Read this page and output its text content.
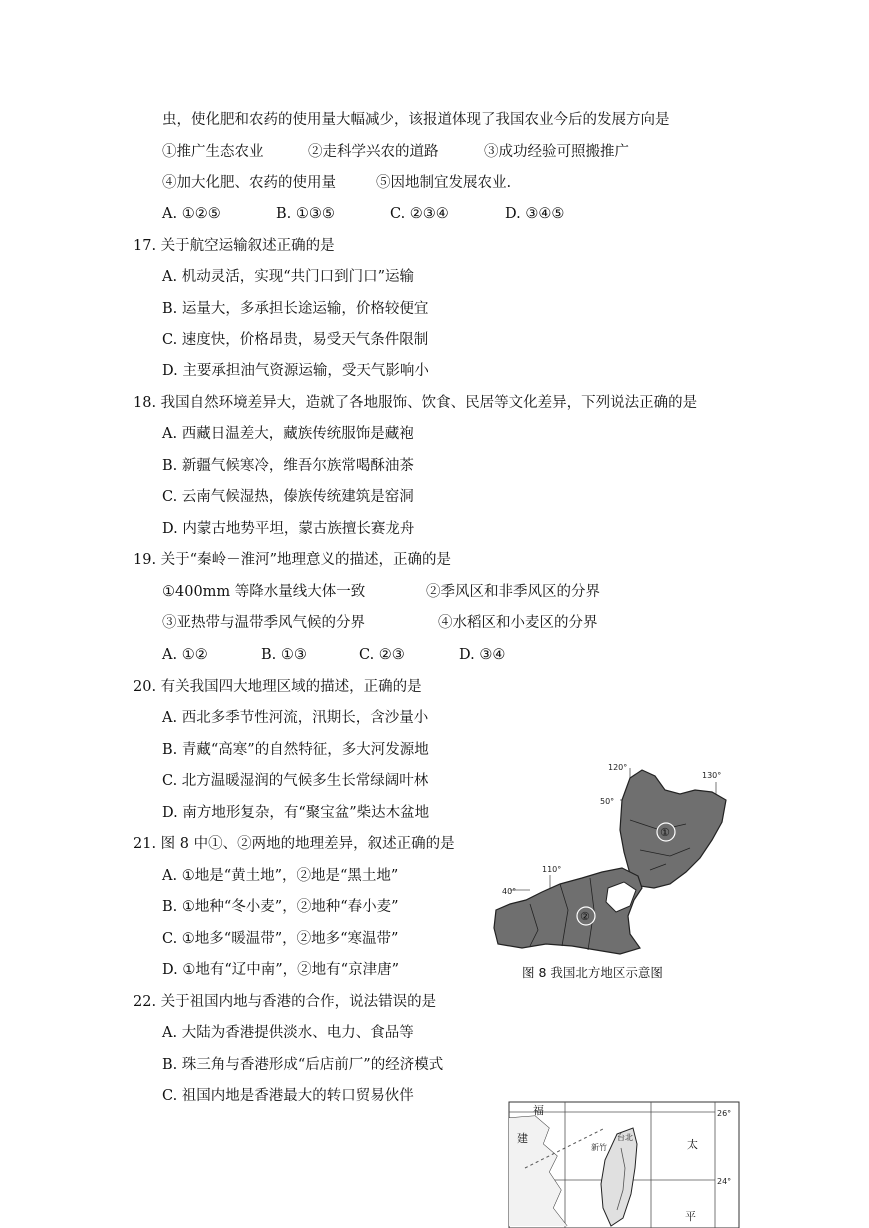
虫，使化肥和农药的使用量大幅减少，该报道体现了我国农业今后的发展方向是
①推广生态农业	②走科学兴农的道路	③成功经验可照搬推广
④加大化肥、农药的使用量	⑤因地制宜发展农业.
A. ①②⑤	B. ①③⑤	C. ②③④	D. ③④⑤
17. 关于航空运输叙述正确的是
A. 机动灵活，实现“共门口到门口”运输
B. 运量大，多承担长途运输，价格较便宜
C. 速度快，价格昂贵，易受天气条件限制
D. 主要承担油气资源运输，受天气影响小
18. 我国自然环境差异大，造就了各地服饰、饮食、民居等文化差异，下列说法正确的是
A. 西藏日温差大，藏族传统服饰是藏袍
B. 新疆气候寒冷，维吾尔族常喝酥油茶
C. 云南气候湿热，傣族传统建筑是窑洞
D. 内蒙古地势平坦，蒙古族擅长赛龙舟
19. 关于“秦岭－淮河”地理意义的描述，正确的是
①400mm 等降水量线大体一致	②季风区和非季风区的分界
③亚热带与温带季风气候的分界	④水稻区和小麦区的分界
A. ①②	B. ①③	C. ②③	D. ③④
20. 有关我国四大地理区域的描述，正确的是
A. 西北多季节性河流，汛期长，含沙量小
B. 青藏“高寒”的自然特征，多大河发源地
C. 北方温暖湿润的气候多生长常绿阔叶林
D. 南方地形复杂，有“聚宝盆”柴达木盆地
21. 图 8 中①、②两地的地理差异，叙述正确的是
A. ①地是“黄土地”，②地是“黑土地”
B. ①地种“冬小麦”，②地种“春小麦”
C. ①地多“暖温带”，②地多“寒温带”
D. ①地有“辽中南”，②地有“京津唐”
22. 关于祖国内地与香港的合作，说法错误的是
A. 大陆为香港提供淡水、电力、食品等
B. 珠三角与香港形成“后店前厂”的经济模式
C. 祖国内地是香港最大的转口贸易伙伴
120°
130°
50°
110°
40°
①
②
图 8 我国北方地区示意图
福
建	台北
新竹
26°
24°
太
平
